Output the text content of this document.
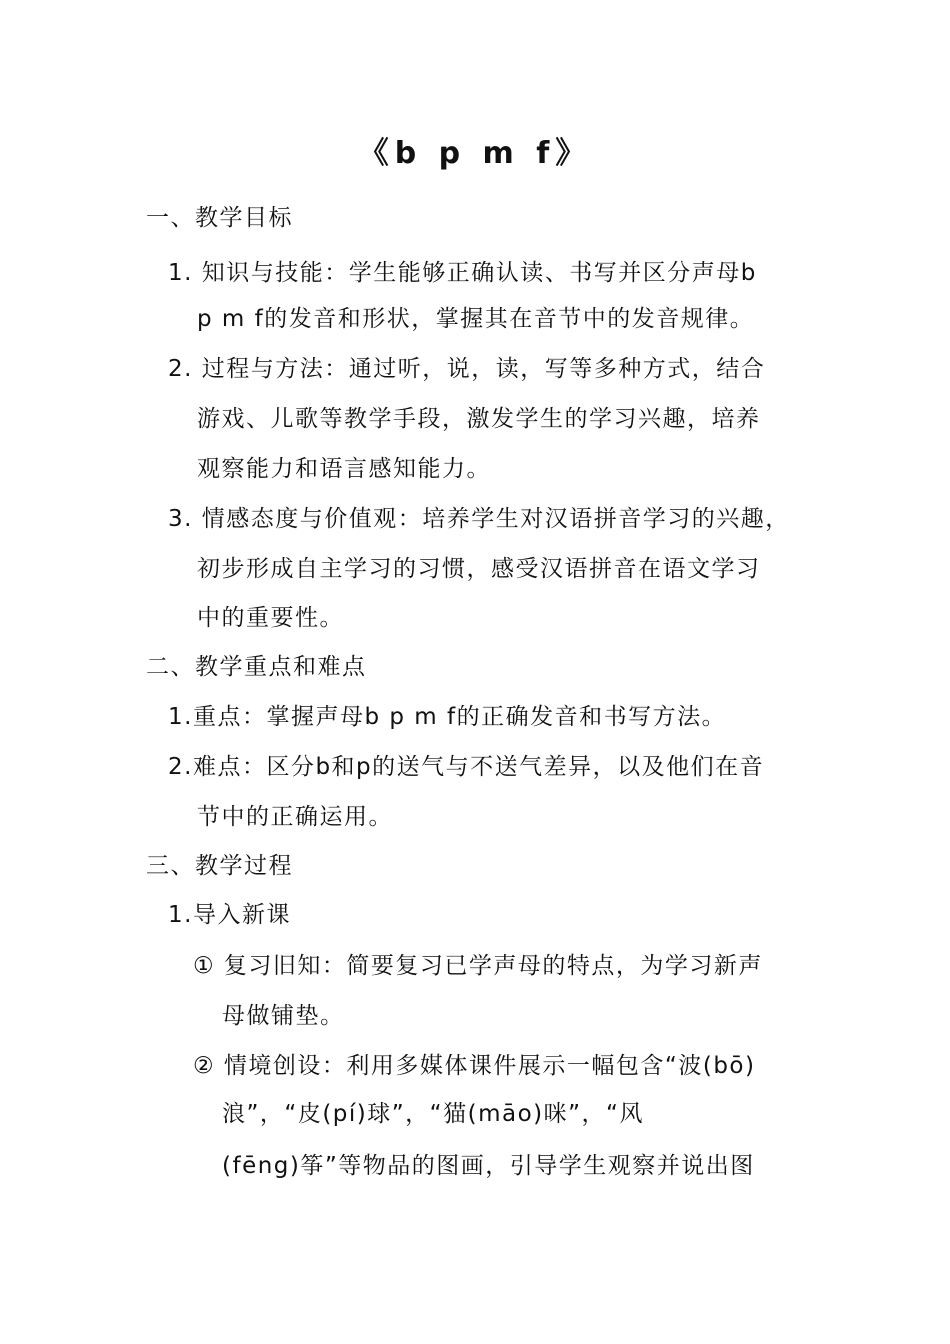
《b p m f》
一、教学目标
1. 知识与技能：学生能够正确认读、书写并区分声母b
p m f的发音和形状，掌握其在音节中的发音规律。
2. 过程与方法：通过听，说，读，写等多种方式，结合
游戏、儿歌等教学手段，激发学生的学习兴趣，培养
观察能力和语言感知能力。
3. 情感态度与价值观：培养学生对汉语拼音学习的兴趣，
初步形成自主学习的习惯，感受汉语拼音在语文学习
中的重要性。
二、教学重点和难点
1.重点：掌握声母b p m f的正确发音和书写方法。
2.难点：区分b和p的送气与不送气差异，以及他们在音
节中的正确运用。
三、教学过程
1.导入新课
① 复习旧知：简要复习已学声母的特点，为学习新声
母做铺垫。
② 情境创设：利用多媒体课件展示一幅包含“波(bō)
浪”，“皮(pí)球”，“猫(māo)咪”，“风
(fēng)筝”等物品的图画，引导学生观察并说出图
